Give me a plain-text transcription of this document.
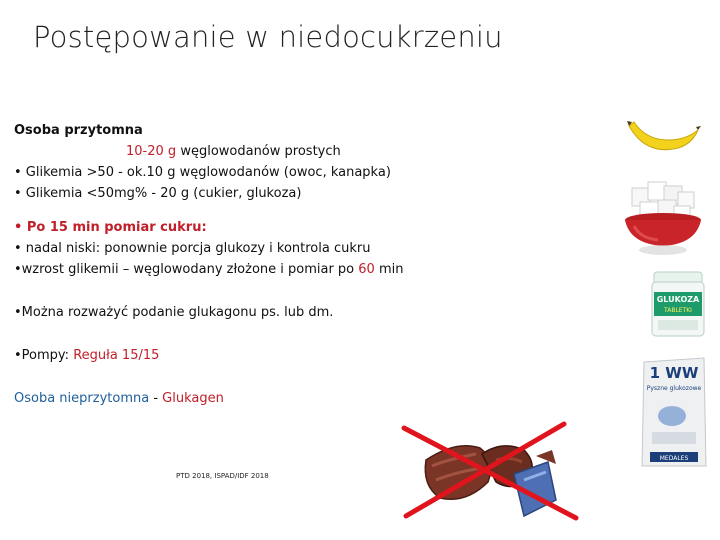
Postępowanie w niedocukrzeniu
Osoba przytomna
10-20 g węglowodanów prostych
• Glikemia >50 - ok.10 g węglowodanów (owoc, kanapka)
• Glikemia <50mg% - 20 g (cukier, glukoza)
• Po 15 min pomiar cukru:
• nadal niski: ponownie porcja glukozy i kontrola cukru
•wzrost glikemii – węglowodany złożone i pomiar po 60 min
•Można rozważyć podanie glukagonu ps. lub dm.
•Pompy: Reguła 15/15
Osoba nieprzytomna - Glukagen
PTD 2018, ISPAD/IDF 2018
GLUKOZA
TABLETKI
1 WW
Pyszne glukozowe
MEDALES
